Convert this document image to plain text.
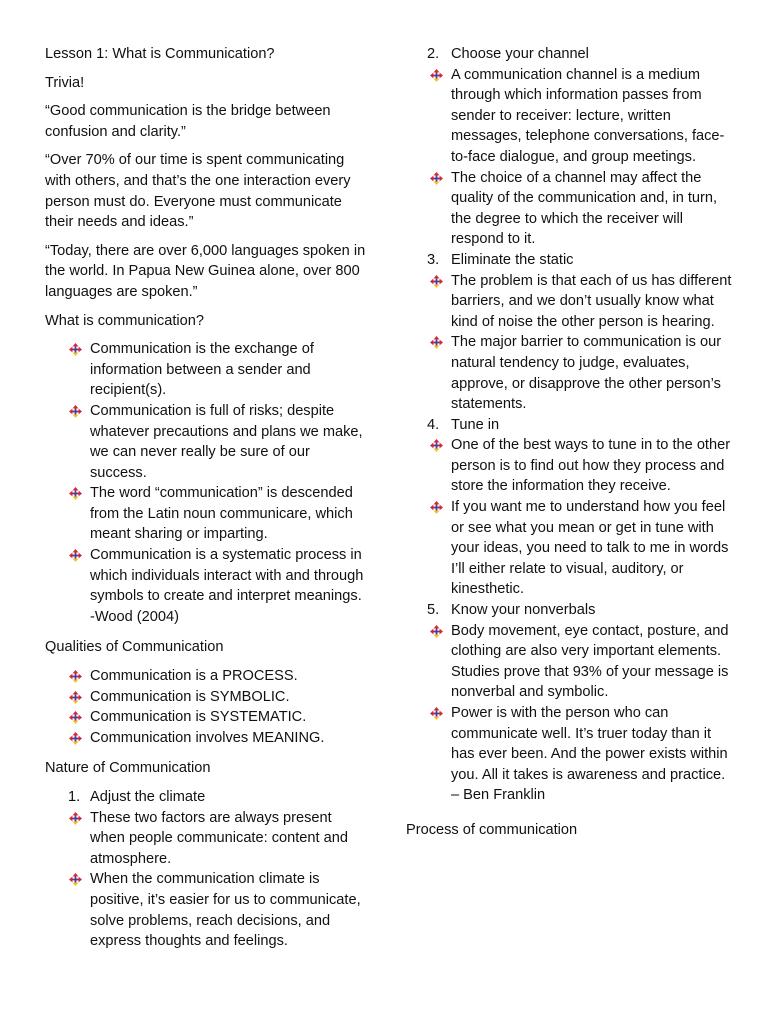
Lesson 1: What is Communication?

Trivia!

“Good communication is the bridge between confusion and clarity.”

“Over 70% of our time is spent communicating with others, and that’s the one interaction every person must do. Everyone must communicate their needs and ideas.”

“Today, there are over 6,000 languages spoken in the world. In Papua New Guinea alone, over 800 languages are spoken.”

What is communication?

Communication is the exchange of information between a sender and recipient(s).
Communication is full of risks; despite whatever precautions and plans we make, we can never really be sure of our success.
The word “communication” is descended from the Latin noun communicare, which meant sharing or imparting.
Communication is a systematic process in which individuals interact with and through symbols to create and interpret meanings. -Wood (2004)

Qualities of Communication

Communication is a PROCESS.
Communication is SYMBOLIC.
Communication is SYSTEMATIC.
Communication involves MEANING.

Nature of Communication

1. Adjust the climate
These two factors are always present when people communicate: content and atmosphere.
When the communication climate is positive, it’s easier for us to communicate, solve problems, reach decisions, and express thoughts and feelings.
2. Choose your channel
A communication channel is a medium through which information passes from sender to receiver: lecture, written messages, telephone conversations, face-to-face dialogue, and group meetings.
The choice of a channel may affect the quality of the communication and, in turn, the degree to which the receiver will respond to it.
3. Eliminate the static
The problem is that each of us has different barriers, and we don’t usually know what kind of noise the other person is hearing.
The major barrier to communication is our natural tendency to judge, evaluates, approve, or disapprove the other person’s statements.
4. Tune in
One of the best ways to tune in to the other person is to find out how they process and store the information they receive.
If you want me to understand how you feel or see what you mean or get in tune with your ideas, you need to talk to me in words I’ll either relate to visual, auditory, or kinesthetic.
5. Know your nonverbals
Body movement, eye contact, posture, and clothing are also very important elements. Studies prove that 93% of your message is nonverbal and symbolic.
Power is with the person who can communicate well. It’s truer today than it has ever been. And the power exists within you. All it takes is awareness and practice. – Ben Franklin

Process of communication
